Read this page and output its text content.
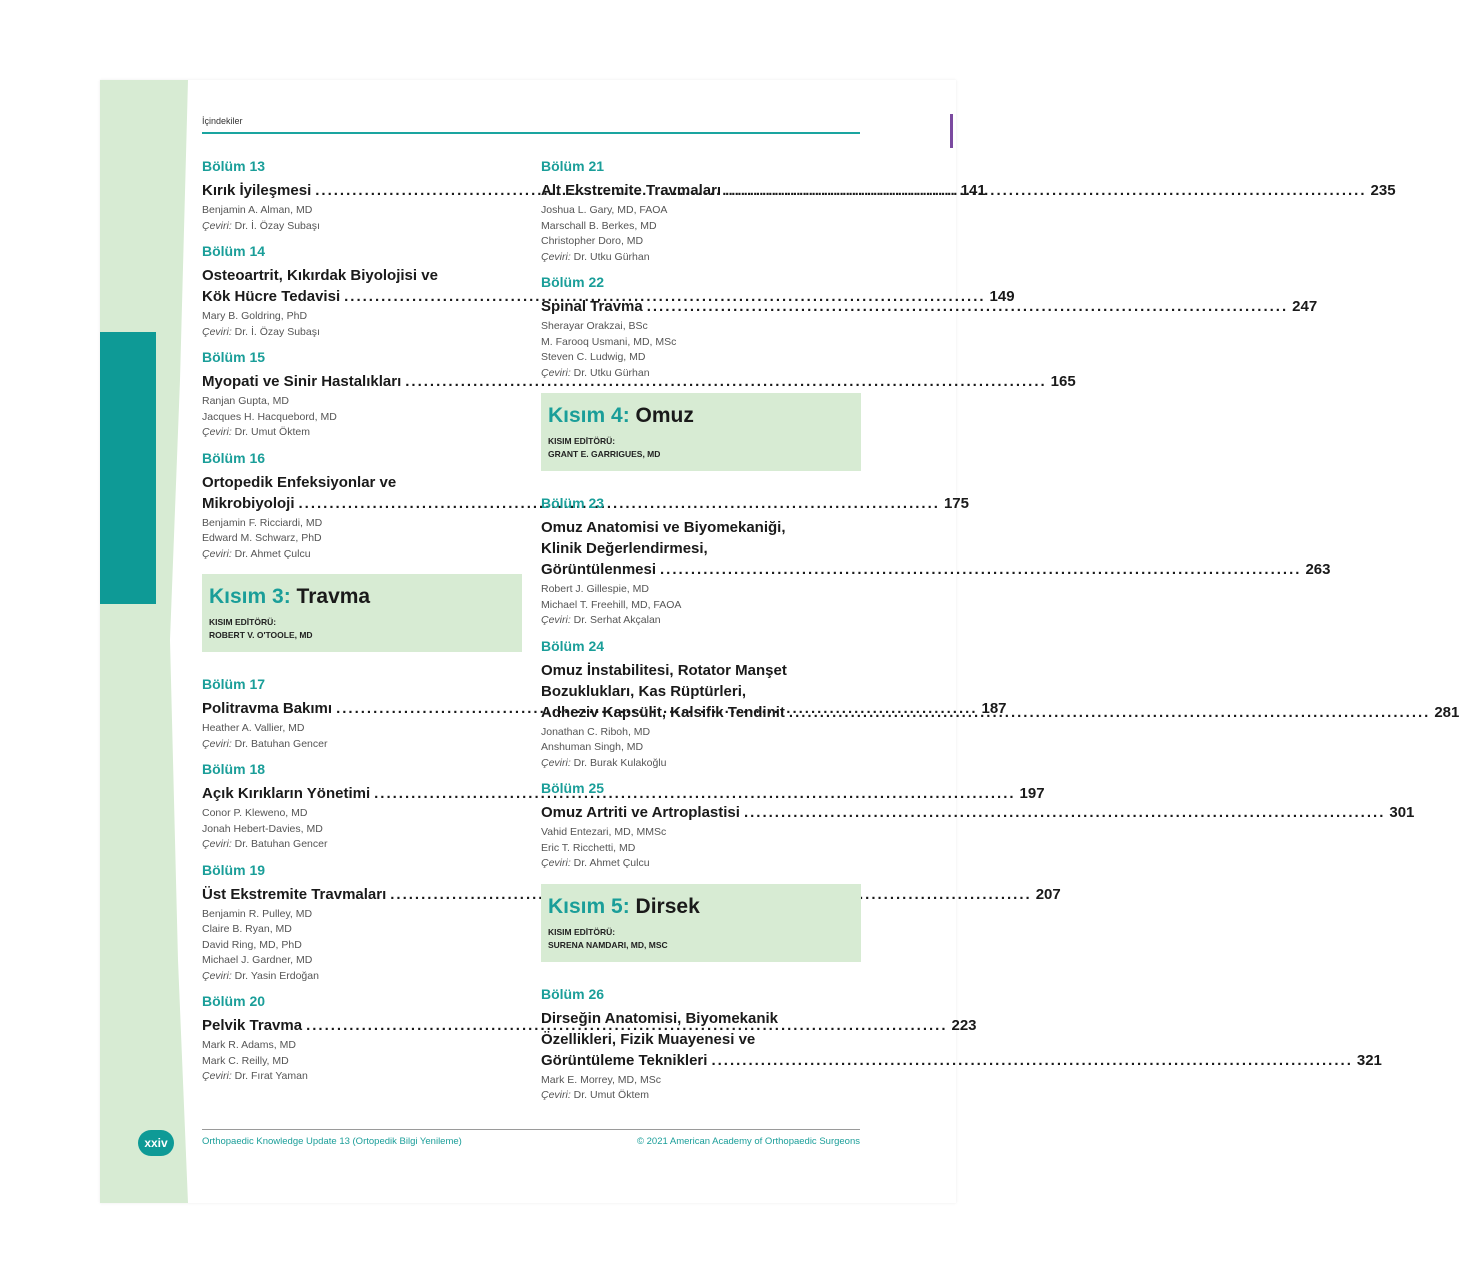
İçindekiler
Bölüm 13
Kırık İyileşmesi .....	141
Benjamin A. Alman, MD
Çeviri: Dr. İ. Özay Subaşı
Bölüm 14
Osteoartrit, Kıkırdak Biyolojisi ve
Kök Hücre Tedavisi .....	149
Mary B. Goldring, PhD
Çeviri: Dr. İ. Özay Subaşı
Bölüm 15
Myopati ve Sinir Hastalıkları .....	165
Ranjan Gupta, MD
Jacques H. Hacquebord, MD
Çeviri: Dr. Umut Öktem
Bölüm 16
Ortopedik Enfeksiyonlar ve
Mikrobiyoloji .....	175
Benjamin F. Ricciardi, MD
Edward M. Schwarz, PhD
Çeviri: Dr. Ahmet Çulcu
Kısım 3: Travma
KISIM EDİTÖRÜ:
ROBERT V. O'TOOLE, MD
Bölüm 17
Politravma Bakımı .....	187
Heather A. Vallier, MD
Çeviri: Dr. Batuhan Gencer
Bölüm 18
Açık Kırıkların Yönetimi .....	197
Conor P. Kleweno, MD
Jonah Hebert-Davies, MD
Çeviri: Dr. Batuhan Gencer
Bölüm 19
Üst Ekstremite Travmaları .....	207
Benjamin R. Pulley, MD
Claire B. Ryan, MD
David Ring, MD, PhD
Michael J. Gardner, MD
Çeviri: Dr. Yasin Erdoğan
Bölüm 20
Pelvik Travma .....	223
Mark R. Adams, MD
Mark C. Reilly, MD
Çeviri: Dr. Fırat Yaman
Bölüm 21
Alt Ekstremite Travmaları .....	235
Joshua L. Gary, MD, FAOA
Marschall B. Berkes, MD
Christopher Doro, MD
Çeviri: Dr. Utku Gürhan
Bölüm 22
Spinal Travma .....	247
Sherayar Orakzai, BSc
M. Farooq Usmani, MD, MSc
Steven C. Ludwig, MD
Çeviri: Dr. Utku Gürhan
Kısım 4: Omuz
KISIM EDİTÖRÜ:
GRANT E. GARRIGUES, MD
Bölüm 23
Omuz Anatomisi ve Biyomekaniği,
Klinik Değerlendirmesi,
Görüntülenmesi .....	263
Robert J. Gillespie, MD
Michael T. Freehill, MD, FAOA
Çeviri: Dr. Serhat Akçalan
Bölüm 24
Omuz İnstabilitesi, Rotator Manşet
Bozuklukları, Kas Rüptürleri,
Adheziv Kapsülit, Kalsifik Tendinit .....	281
Jonathan C. Riboh, MD
Anshuman Singh, MD
Çeviri: Dr. Burak Kulakoğlu
Bölüm 25
Omuz Artriti ve Artroplastisi .....	301
Vahid Entezari, MD, MMSc
Eric T. Ricchetti, MD
Çeviri: Dr. Ahmet Çulcu
Kısım 5: Dirsek
KISIM EDİTÖRÜ:
SURENA NAMDARI, MD, MSC
Bölüm 26
Dirseğin Anatomisi, Biyomekanik
Özellikleri, Fizik Muayenesi ve
Görüntüleme Teknikleri .....	321
Mark E. Morrey, MD, MSc
Çeviri: Dr. Umut Öktem
xxiv	Orthopaedic Knowledge Update 13 (Ortopedik Bilgi Yenileme)	© 2021 American Academy of Orthopaedic Surgeons
